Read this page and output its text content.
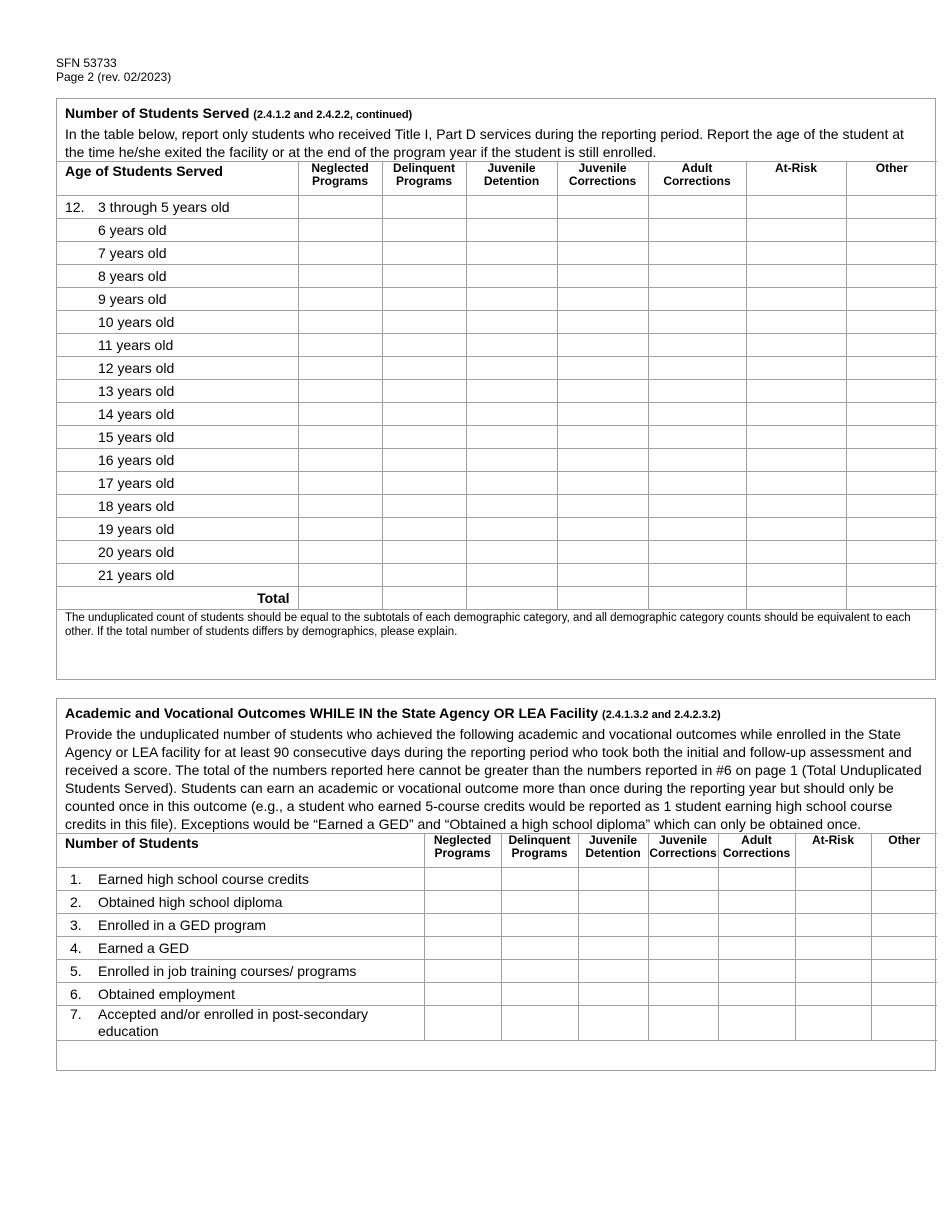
SFN 53733
Page 2 (rev. 02/2023)
Number of Students Served (2.4.1.2 and 2.4.2.2, continued)
In the table below, report only students who received Title I, Part D services during the reporting period. Report the age of the student at the time he/she exited the facility or at the end of the program year if the student is still enrolled.
Age of Students Served	Neglected Programs	Delinquent Programs	Juvenile Detention	Juvenile Corrections	Adult Corrections	At-Risk	Other
12. 3 through 5 years old							
6 years old							
7 years old							
8 years old							
9 years old							
10 years old							
11 years old							
12 years old							
13 years old							
14 years old							
15 years old							
16 years old							
17 years old							
18 years old							
19 years old							
20 years old							
21 years old							
Total							
The unduplicated count of students should be equal to the subtotals of each demographic category, and all demographic category counts should be equivalent to each other. If the total number of students differs by demographics, please explain.
Academic and Vocational Outcomes WHILE IN the State Agency OR LEA Facility (2.4.1.3.2 and 2.4.2.3.2)
Provide the unduplicated number of students who achieved the following academic and vocational outcomes while enrolled in the State Agency or LEA facility for at least 90 consecutive days during the reporting period who took both the initial and follow-up assessment and received a score. The total of the numbers reported here cannot be greater than the numbers reported in #6 on page 1 (Total Unduplicated Students Served). Students can earn an academic or vocational outcome more than once during the reporting year but should only be counted once in this outcome (e.g., a student who earned 5-course credits would be reported as 1 student earning high school course credits in this file). Exceptions would be “Earned a GED” and “Obtained a high school diploma” which can only be obtained once.
Number of Students	Neglected Programs	Delinquent Programs	Juvenile Detention	Juvenile Corrections	Adult Corrections	At-Risk	Other
1. Earned high school course credits							
2. Obtained high school diploma							
3. Enrolled in a GED program							
4. Earned a GED							
5. Enrolled in job training courses/ programs							
6. Obtained employment							
7. Accepted and/or enrolled in post-secondary education							
